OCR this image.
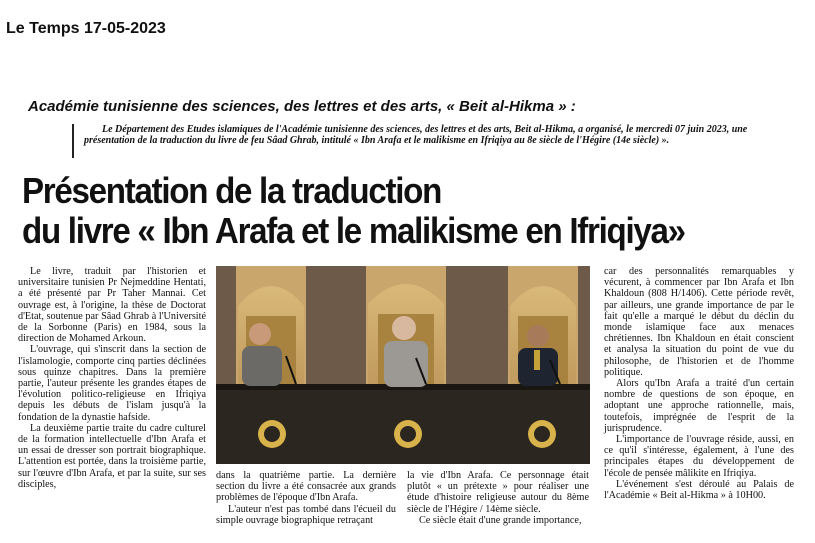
Le Temps 17-05-2023
Académie tunisienne des sciences, des lettres et des arts, « Beit al-Hikma » :
Le Département des Etudes islamiques de l'Académie tunisienne des sciences, des lettres et des arts, Beit al-Hikma, a organisé, le mercredi 07 juin 2023, une présentation de la traduction du livre de feu Sâad Ghrab, intitulé « Ibn Arafa et le malikisme en Ifriqiya au 8e siècle de l'Hégire (14e siècle) ».
Présentation de la traduction
du livre « Ibn Arafa et le malikisme en Ifriqiya»

Le livre, traduit par l'historien et universitaire tunisien Pr Nejmeddine Hentati, a été présenté par Pr Taher Mannai. Cet ouvrage est, à l'origine, la thèse de Doctorat d'Etat, soutenue par Sâad Ghrab à l'Université de la Sorbonne (Paris) en 1984, sous la direction de Mohamed Arkoun.

L'ouvrage, qui s'inscrit dans la section de l'islamologie, comporte cinq parties déclinées sous quinze chapitres. Dans la première partie, l'auteur présente les grandes étapes de l'évolution politico-religieuse en Ifriqiya depuis les débuts de l'islam jusqu'à la fondation de la dynastie hafside.

La deuxième partie traite du cadre culturel de la formation intellectuelle d'Ibn Arafa et un essai de dresser son portrait biographique. L'attention est portée, dans la troisième partie, sur l'œuvre d'Ibn Arafa, et par la suite, sur ses disciples,

dans la quatrième partie. La dernière section du livre a été consacrée aux grands problèmes de l'époque d'Ibn Arafa.

L'auteur n'est pas tombé dans l'écueil du simple ouvrage biographique retraçant

la vie d'Ibn Arafa. Ce personnage était plutôt « un prétexte » pour réaliser une étude d'histoire religieuse autour du 8ème siècle de l'Hégire / 14ème siècle.

Ce siècle était d'une grande importance,

car des personnalités remarquables y vécurent, à commencer par Ibn Arafa et Ibn Khaldoun (808 H/1406). Cette période revêt, par ailleurs, une grande importance de par le fait qu'elle a marqué le début du déclin du monde islamique face aux menaces chrétiennes. Ibn Khaldoun en était conscient et analysa la situation du point de vue du philosophe, de l'historien et de l'homme politique.

Alors qu'Ibn Arafa a traité d'un certain nombre de questions de son époque, en adoptant une approche rationnelle, mais, toutefois, imprégnée de l'esprit de la jurisprudence.

L'importance de l'ouvrage réside, aussi, en ce qu'il s'intéresse, également, à l'une des principales étapes du développement de l'école de pensée mâlikite en Ifriqiya.

L'événement s'est déroulé au Palais de l'Académie « Beit al-Hikma » à 10H00.
